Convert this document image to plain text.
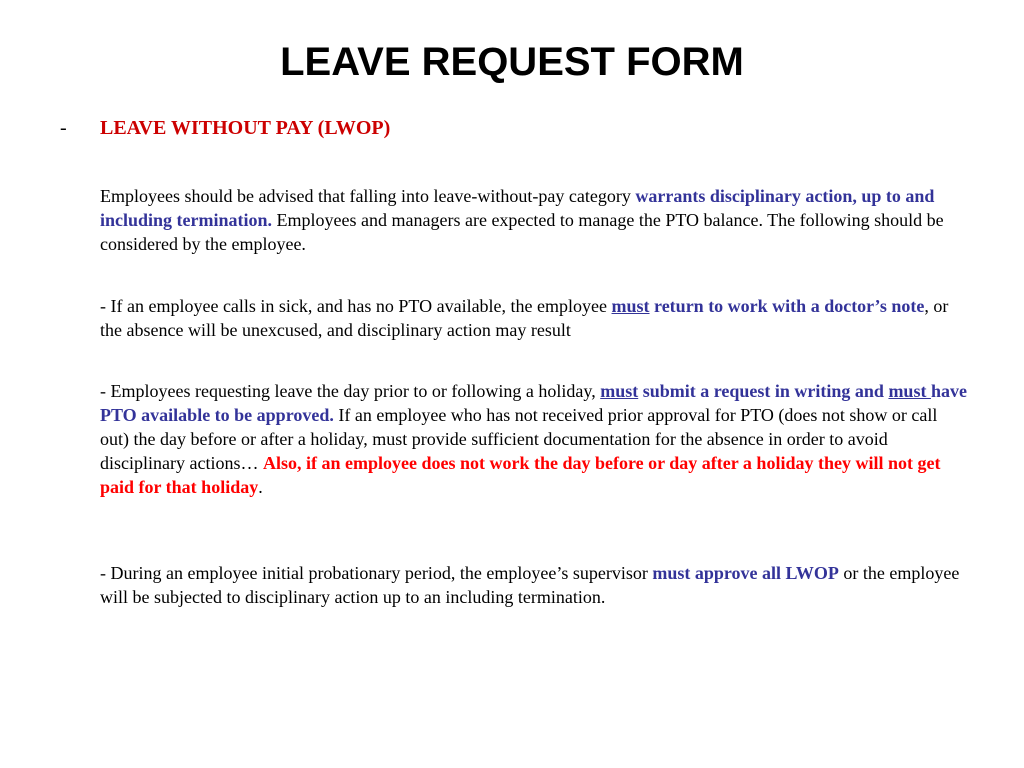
LEAVE REQUEST FORM
- LEAVE WITHOUT PAY (LWOP)

Employees should be advised that falling into leave-without-pay category warrants disciplinary action, up to and including termination. Employees and managers are expected to manage the PTO balance. The following should be considered by the employee.

- If an employee calls in sick, and has no PTO available, the employee must return to work with a doctor’s note, or the absence will be unexcused, and disciplinary action may result

- Employees requesting leave the day prior to or following a holiday, must submit a request in writing and must have PTO available to be approved. If an employee who has not received prior approval for PTO (does not show or call out) the day before or after a holiday, must provide sufficient documentation for the absence in order to avoid disciplinary actions… Also, if an employee does not work the day before or day after a holiday they will not get paid for that holiday.

- During an employee initial probationary period, the employee’s supervisor must approve all LWOP or the employee will be subjected to disciplinary action up to an including termination.
